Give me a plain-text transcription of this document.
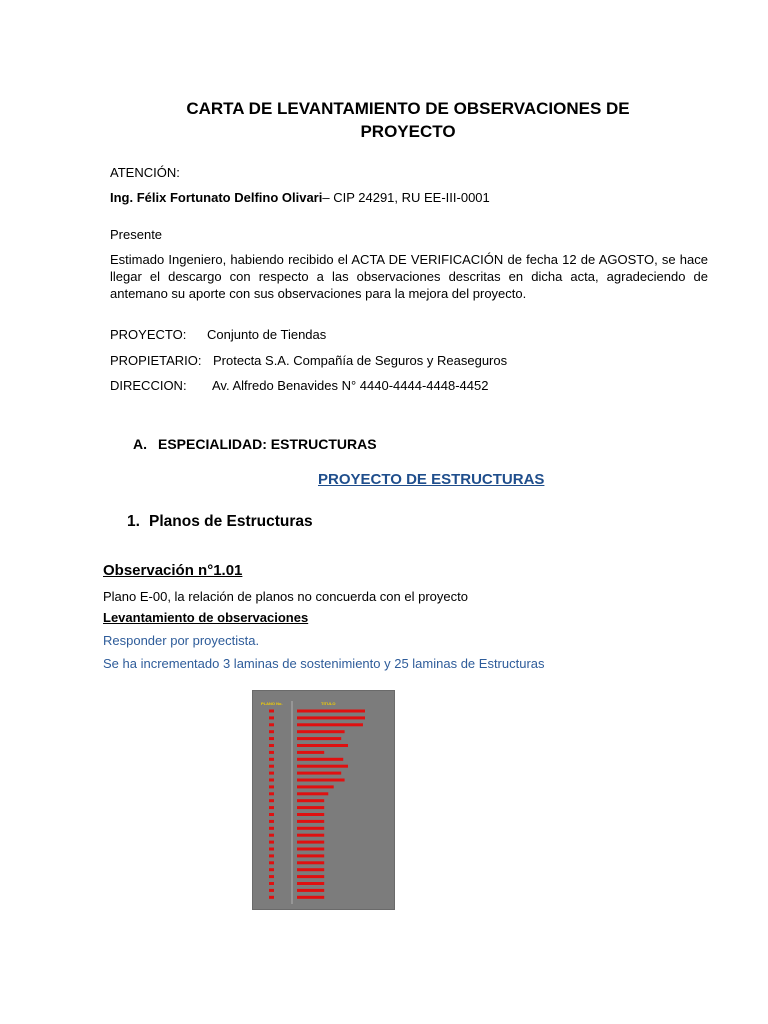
CARTA DE LEVANTAMIENTO DE OBSERVACIONES DE
PROYECTO
ATENCIÓN:
Ing. Félix Fortunato Delfino Olivari– CIP 24291, RU EE-III-0001
Presente
Estimado Ingeniero, habiendo recibido el ACTA DE VERIFICACIÓN de fecha 12 de AGOSTO, se hace llegar el descargo con respecto a las observaciones descritas en dicha acta, agradeciendo de antemano su aporte con sus observaciones para la mejora del proyecto.
PROYECTO: Conjunto de Tiendas
PROPIETARIO: Protecta S.A. Compañía de Seguros y Reaseguros
DIRECCION: Av. Alfredo Benavides N° 4440-4444-4448-4452
A. ESPECIALIDAD: ESTRUCTURAS
PROYECTO DE ESTRUCTURAS
1. Planos de Estructuras
Observación n°1.01
Plano E-00, la relación de planos no concuerda con el proyecto
Levantamiento de observaciones
Responder por proyectista.
Se ha incrementado 3 laminas de sostenimiento y 25 laminas de Estructuras
PLANO No.	TITULO
